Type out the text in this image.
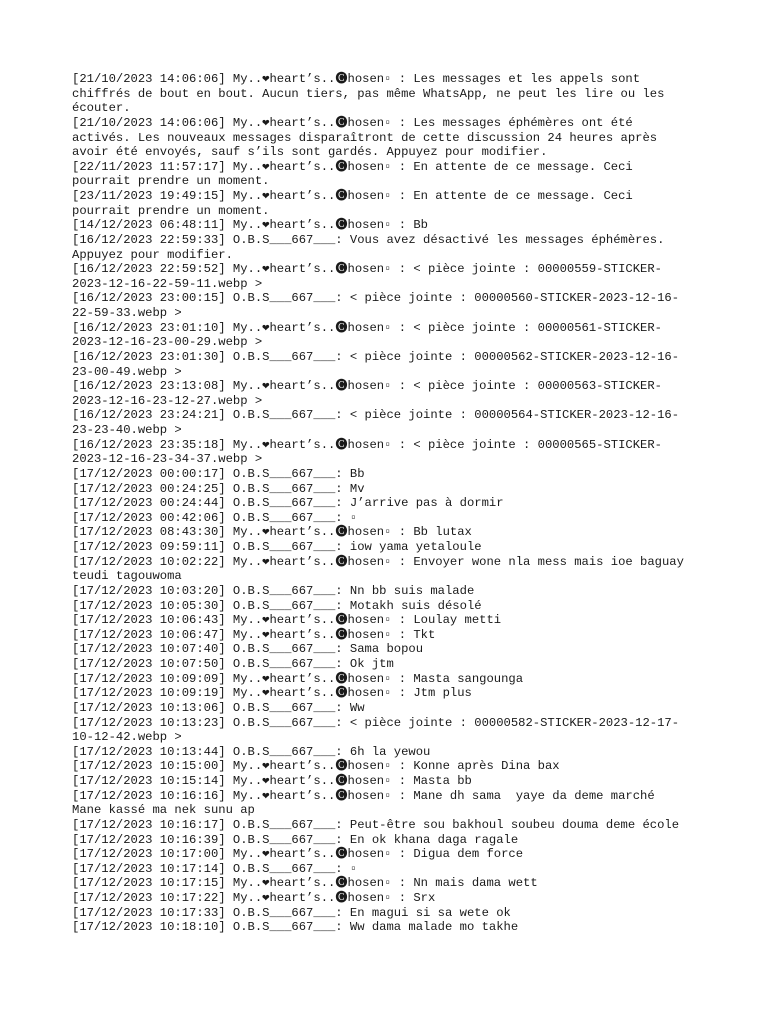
[21/10/2023 14:06:06] My..❤heart’s..🅒hosen▫ : Les messages et les appels sont
chiffrés de bout en bout. Aucun tiers, pas même WhatsApp, ne peut les lire ou les
écouter.

[21/10/2023 14:06:06] My..❤heart’s..🅒hosen▫ : Les messages éphémères ont été
activés. Les nouveaux messages disparaîtront de cette discussion 24 heures après
avoir été envoyés, sauf s’ils sont gardés. Appuyez pour modifier.

[22/11/2023 11:57:17] My..❤heart’s..🅒hosen▫ : En attente de ce message. Ceci
pourrait prendre un moment.

[23/11/2023 19:49:15] My..❤heart’s..🅒hosen▫ : En attente de ce message. Ceci
pourrait prendre un moment.

[14/12/2023 06:48:11] My..❤heart’s..🅒hosen▫ : Bb

[16/12/2023 22:59:33] O.B.S___667___: Vous avez désactivé les messages éphémères.
Appuyez pour modifier.

[16/12/2023 22:59:52] My..❤heart’s..🅒hosen▫ : < pièce jointe : 00000559-STICKER-
2023-12-16-22-59-11.webp >

[16/12/2023 23:00:15] O.B.S___667___: < pièce jointe : 00000560-STICKER-2023-12-16-
22-59-33.webp >

[16/12/2023 23:01:10] My..❤heart’s..🅒hosen▫ : < pièce jointe : 00000561-STICKER-
2023-12-16-23-00-29.webp >

[16/12/2023 23:01:30] O.B.S___667___: < pièce jointe : 00000562-STICKER-2023-12-16-
23-00-49.webp >

[16/12/2023 23:13:08] My..❤heart’s..🅒hosen▫ : < pièce jointe : 00000563-STICKER-
2023-12-16-23-12-27.webp >

[16/12/2023 23:24:21] O.B.S___667___: < pièce jointe : 00000564-STICKER-2023-12-16-
23-23-40.webp >

[16/12/2023 23:35:18] My..❤heart’s..🅒hosen▫ : < pièce jointe : 00000565-STICKER-
2023-12-16-23-34-37.webp >

[17/12/2023 00:00:17] O.B.S___667___: Bb

[17/12/2023 00:24:25] O.B.S___667___: Mv

[17/12/2023 00:24:44] O.B.S___667___: J’arrive pas à dormir

[17/12/2023 00:42:06] O.B.S___667___: ▫

[17/12/2023 08:43:30] My..❤heart’s..🅒hosen▫ : Bb lutax

[17/12/2023 09:59:11] O.B.S___667___: iow yama yetaloule

[17/12/2023 10:02:22] My..❤heart’s..🅒hosen▫ : Envoyer wone nla mess mais ioe baguay
teudi tagouwoma

[17/12/2023 10:03:20] O.B.S___667___: Nn bb suis malade

[17/12/2023 10:05:30] O.B.S___667___: Motakh suis désolé

[17/12/2023 10:06:43] My..❤heart’s..🅒hosen▫ : Loulay metti

[17/12/2023 10:06:47] My..❤heart’s..🅒hosen▫ : Tkt

[17/12/2023 10:07:40] O.B.S___667___: Sama bopou

[17/12/2023 10:07:50] O.B.S___667___: Ok jtm

[17/12/2023 10:09:09] My..❤heart’s..🅒hosen▫ : Masta sangounga

[17/12/2023 10:09:19] My..❤heart’s..🅒hosen▫ : Jtm plus

[17/12/2023 10:13:06] O.B.S___667___: Ww

[17/12/2023 10:13:23] O.B.S___667___: < pièce jointe : 00000582-STICKER-2023-12-17-
10-12-42.webp >

[17/12/2023 10:13:44] O.B.S___667___: 6h la yewou

[17/12/2023 10:15:00] My..❤heart’s..🅒hosen▫ : Konne après Dina bax

[17/12/2023 10:15:14] My..❤heart’s..🅒hosen▫ : Masta bb

[17/12/2023 10:16:16] My..❤heart’s..🅒hosen▫ : Mane dh sama  yaye da deme marché
Mane kassé ma nek sunu ap

[17/12/2023 10:16:17] O.B.S___667___: Peut-être sou bakhoul soubeu douma deme école

[17/12/2023 10:16:39] O.B.S___667___: En ok khana daga ragale

[17/12/2023 10:17:00] My..❤heart’s..🅒hosen▫ : Digua dem force

[17/12/2023 10:17:14] O.B.S___667___: ▫

[17/12/2023 10:17:15] My..❤heart’s..🅒hosen▫ : Nn mais dama wett

[17/12/2023 10:17:22] My..❤heart’s..🅒hosen▫ : Srx

[17/12/2023 10:17:33] O.B.S___667___: En magui si sa wete ok

[17/12/2023 10:18:10] O.B.S___667___: Ww dama malade mo takhe
